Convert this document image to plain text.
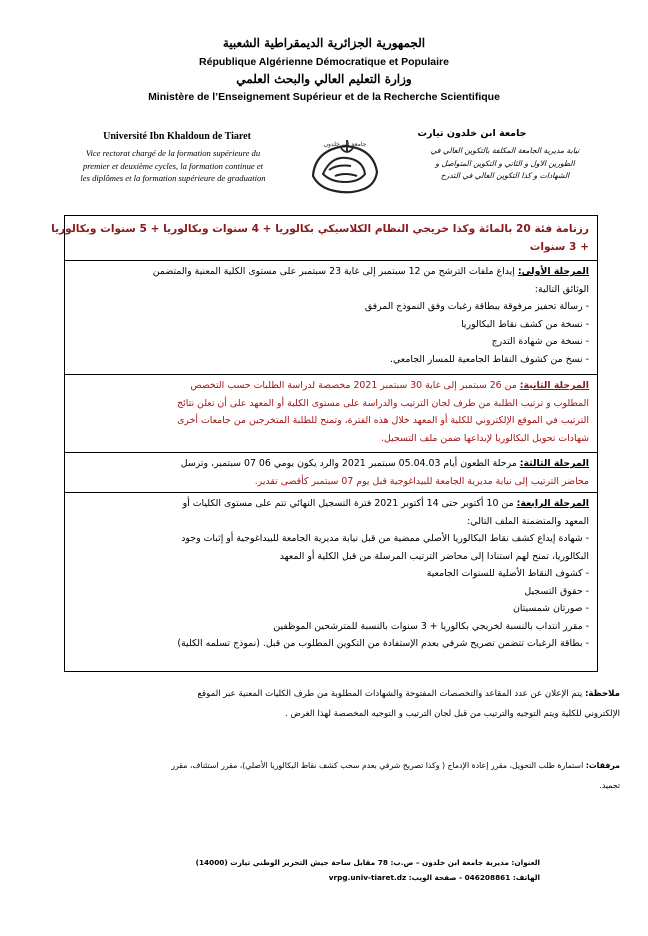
الجمهورية الجزائرية الديمقراطية الشعبية
République Algérienne Démocratique et Populaire
وزارة التعليم العالي والبحث العلمي
Ministère de l’Enseignement Supérieur et de la Recherche Scientifique
Université Ibn Khaldoun de Tiaret
Vice rectorat chargé de la formation supérieure du
premier et deuxième cycles, la formation continue et
les diplômes et la formation supérieure de graduation
جامعة ابن خلدون
جامعة ابن خلدون تيارت
نيابة مديرية الجامعة المكلفة بالتكوين العالي في
الطورين الاول و الثاني و التكوين المتواصل و
الشهادات و كذا التكوين العالي في التدرج
رزنامة فئة 20 بالمائة وكذا خريجي النظام الكلاسيكي بكالوريا + 4 سنوات وبكالوريا + 5 سنوات وبكالوريا
+ 3 سنوات
المرحلة الأولى: إيداع ملفات الترشح من 12 سبتمبر إلى غاية 23 سبتمبر على مستوى الكلية المعنية والمتضمن
الوثائق التالية:
- رسالة تحفيز مرفوقة ببطاقة رغبات وفق النموذج المرفق
- نسخة من كشف نقاط البكالوريا
- نسخة من شهادة التدرج
- نسخ من كشوف النقاط الجامعية للمسار الجامعي.
المرحلة الثانية: من 26 سبتمبر إلى غاية 30 سبتمبر 2021 مخصصة لدراسة الطلبات حسب التخصص
المطلوب و ترتيب الطلبة من طرف لجان الترتيب والدراسة على مستوى الكلية أو المعهد على أن تعلن نتائج
الترتيب في الموقع الإلكتروني للكلية أو المعهد خلال هذه الفترة، وتمنح للطلبة المتخرجين من جامعات أخرى
شهادات تحويل البكالوريا لإيداعها ضمن ملف التسجيل.
المرحلة الثالثة: مرحلة الطعون أيام 05.04.03 سبتمبر 2021 والرد يكون يومي 06 07 سبتمبر، وترسل
محاضر الترتيب إلى نيابة مديرية الجامعة للبيداغوجية قبل يوم 07 سبتمبر كأقصى تقدير.
المرحلة الرابعة: من 10 أكتوبر حتى 14 أكتوبر 2021 فترة التسجيل النهائي تتم على مستوى الكليات أو
المعهد والمتضمنة الملف التالي:
- شهادة إيداع كشف نقاط البكالوريا الأصلي ممضية من قبل نيابة مديرية الجامعة للبيداغوجية أو إثبات وجود
البكالوريا، تمنح لهم استنادا إلى محاضر الترتيب المرسلة من قبل الكلية أو المعهد
- كشوف النقاط الأصلية للسنوات الجامعية
- حقوق التسجيل
- صورتان شمسيتان
- مقرر انتداب بالنسبة لخريجي بكالوريا + 3 سنوات بالنسبة للمترشحين الموظفين
- بطاقة الرغبات تتضمن تصريح شرفي بعدم الإستفادة من التكوين المطلوب من قبل. (نموذج تسلمه الكلية)
ملاحظة: يتم الإعلان عن عدد المقاعد والتخصصات المفتوحة والشهادات المطلوبة من طرف الكليات المعنية عبر الموقع
الإلكتروني للكلية ويتم التوجيه والترتيب من قبل لجان الترتيب و التوجيه المخصصة لهذا الغرض .
مرفقات: استمارة طلب التحويل، مقرر إعادة الإدماج ( وكذا تصريح شرفي بعدم سحب كشف نقاط البكالوريا الأصلي)، مقرر استئناف، مقرر
تجميد.
العنوان: مديرية جامعة ابن خلدون – ص.ب: 78 مقابل ساحة جيش التحرير الوطني تيارت (14000)
الهاتف: 046208861 - صفحة الويب: vrpg.univ-tiaret.dz
